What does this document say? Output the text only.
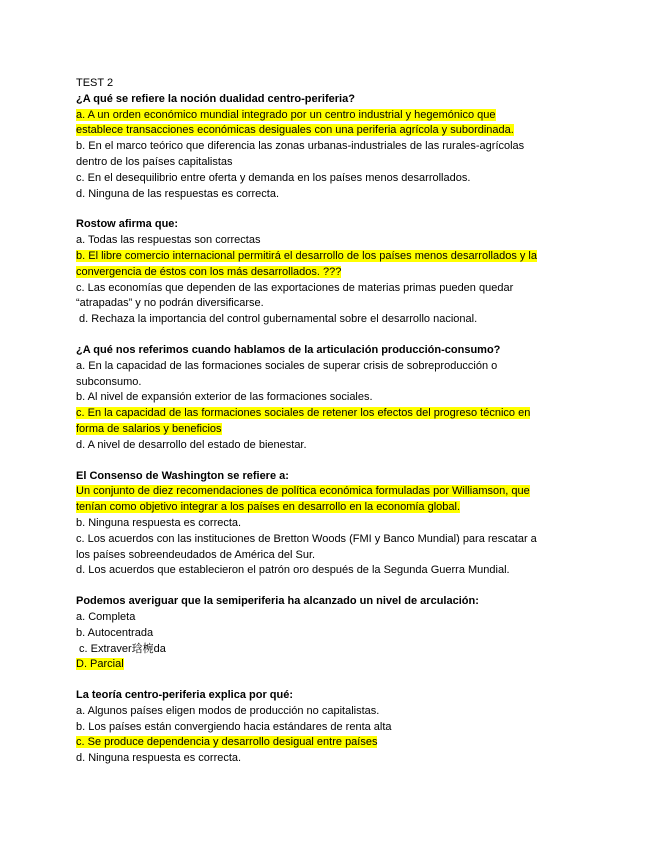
TEST 2
¿A qué se refiere la noción dualidad centro-periferia?
a. A un orden económico mundial integrado por un centro industrial y hegemónico que
establece transacciones económicas desiguales con una periferia agrícola y subordinada.
b. En el marco teórico que diferencia las zonas urbanas-industriales de las rurales-agrícolas
dentro de los países capitalistas
c. En el desequilibrio entre oferta y demanda en los países menos desarrollados.
d. Ninguna de las respuestas es correcta.
Rostow afirma que:
a. Todas las respuestas son correctas
b. El libre comercio internacional permitirá el desarrollo de los países menos desarrollados y la
convergencia de éstos con los más desarrollados. ???
c. Las economías que dependen de las exportaciones de materias primas pueden quedar
“atrapadas” y no podrán diversificarse.
d. Rechaza la importancia del control gubernamental sobre el desarrollo nacional.
¿A qué nos referimos cuando hablamos de la articulación producción-consumo?
a. En la capacidad de las formaciones sociales de superar crisis de sobreproducción o
subconsumo.
b. Al nivel de expansión exterior de las formaciones sociales.
c. En la capacidad de las formaciones sociales de retener los efectos del progreso técnico en
forma de salarios y beneficios
d. A nivel de desarrollo del estado de bienestar.
El Consenso de Washington se refiere a:
Un conjunto de diez recomendaciones de política económica formuladas por Williamson, que
tenían como objetivo integrar a los países en desarrollo en la economía global.
b. Ninguna respuesta es correcta.
c. Los acuerdos con las instituciones de Bretton Woods (FMI y Banco Mundial) para rescatar a
los países sobreendeudados de América del Sur.
d. Los acuerdos que establecieron el patrón oro después de la Segunda Guerra Mundial.
Podemos averiguar que la semiperiferia ha alcanzado un nivel de arculación:
a. Completa
b. Autocentrada
c. Extraver琀椀da
D. Parcial
La teoría centro-periferia explica por qué:
a. Algunos países eligen modos de producción no capitalistas.
b. Los países están convergiendo hacia estándares de renta alta
c. Se produce dependencia y desarrollo desigual entre países
d. Ninguna respuesta es correcta.
